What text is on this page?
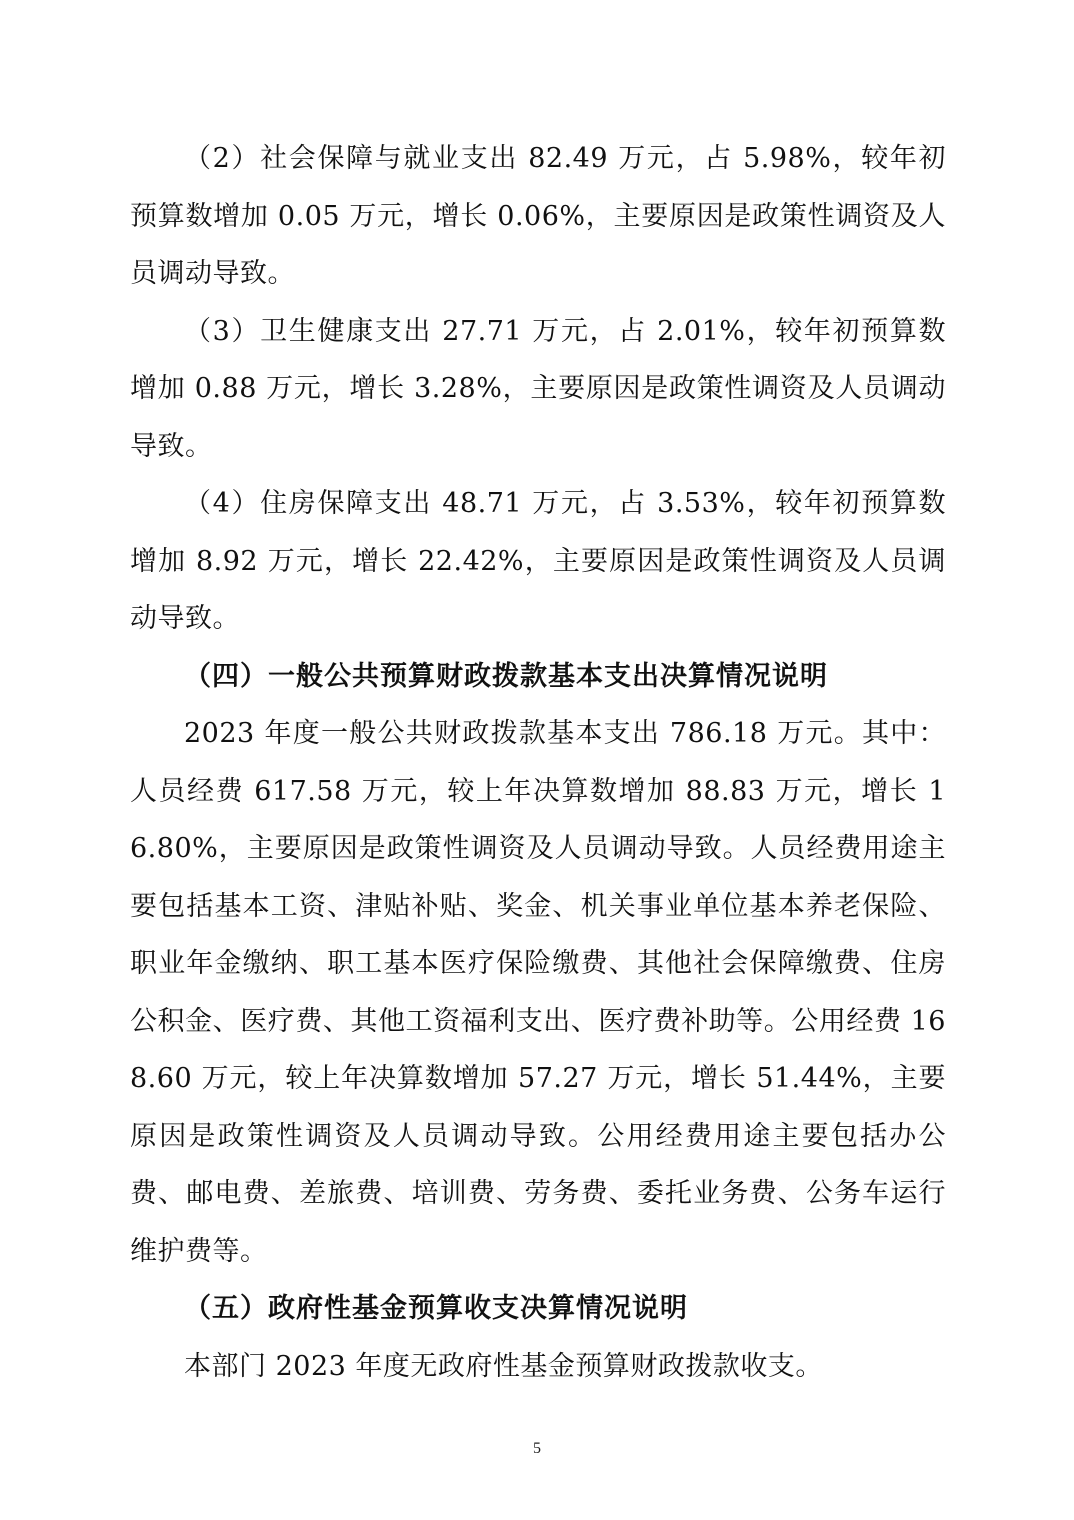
（2）社会保障与就业支出 82.49 万元，占 5.98%，较年初预算数增加 0.05 万元，增长 0.06%，主要原因是政策性调资及人员调动导致。

（3）卫生健康支出 27.71 万元，占 2.01%，较年初预算数增加 0.88 万元，增长 3.28%，主要原因是政策性调资及人员调动导致。

（4）住房保障支出 48.71 万元，占 3.53%，较年初预算数增加 8.92 万元，增长 22.42%，主要原因是政策性调资及人员调动导致。

（四）一般公共预算财政拨款基本支出决算情况说明

2023 年度一般公共财政拨款基本支出 786.18 万元。其中：人员经费 617.58 万元，较上年决算数增加 88.83 万元，增长 16.80%，主要原因是政策性调资及人员调动导致。人员经费用途主要包括基本工资、津贴补贴、奖金、机关事业单位基本养老保险、职业年金缴纳、职工基本医疗保险缴费、其他社会保障缴费、住房公积金、医疗费、其他工资福利支出、医疗费补助等。公用经费 168.60 万元，较上年决算数增加 57.27 万元，增长 51.44%，主要原因是政策性调资及人员调动导致。公用经费用途主要包括办公费、邮电费、差旅费、培训费、劳务费、委托业务费、公务车运行维护费等。

（五）政府性基金预算收支决算情况说明

本部门 2023 年度无政府性基金预算财政拨款收支。

5
